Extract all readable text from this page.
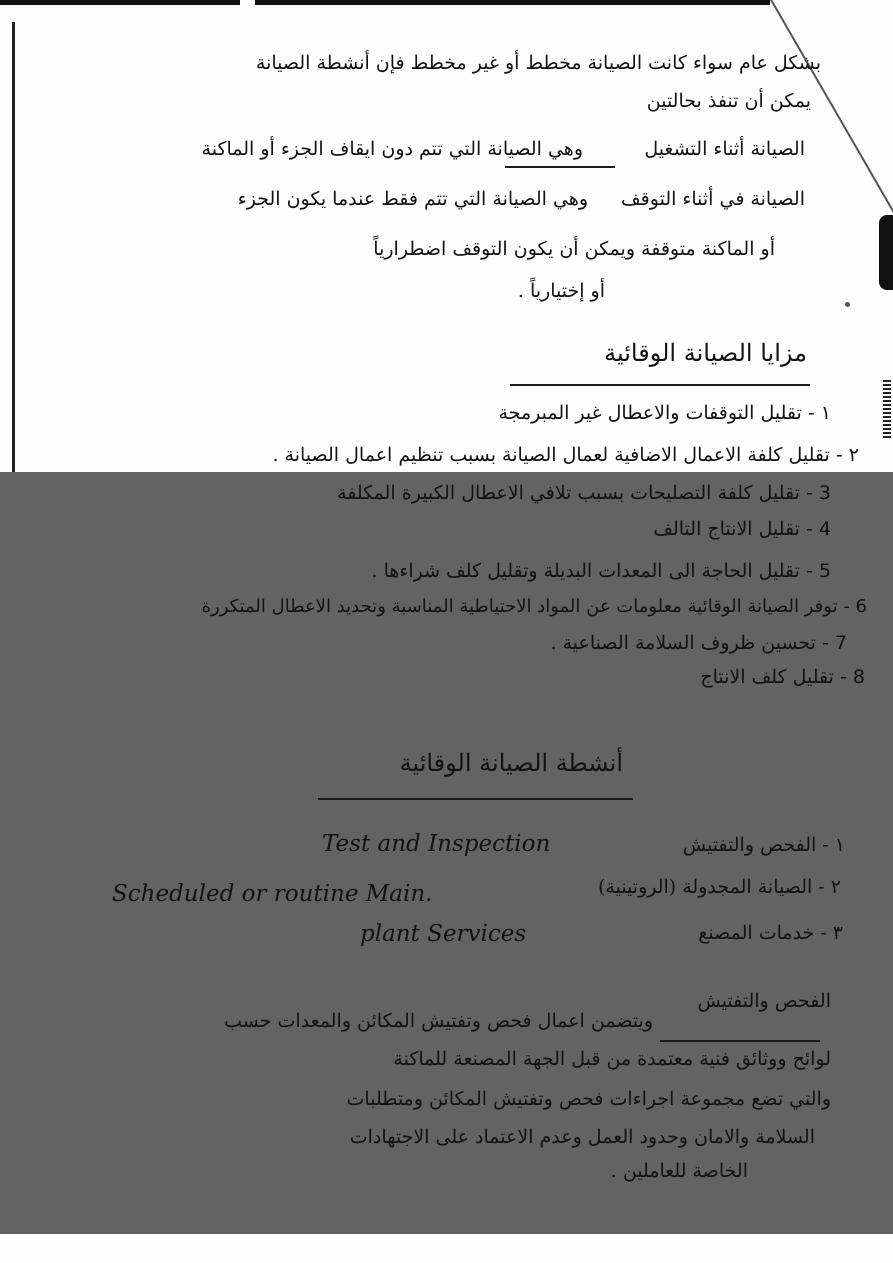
بشكل عام سواء كانت الصيانة مخطط أو غير مخطط فإن أنشطة الصيانة
يمكن أن تنفذ بحالتين
الصيانة أثناء التشغيل
وهي الصيانة التي تتم دون ايقاف الجزء أو الماكنة
الصيانة في أثناء التوقف
وهي الصيانة التي تتم فقط عندما يكون الجزء
أو الماكنة متوقفة ويمكن أن يكون التوقف اضطرارياً
أو إختيارياً .
مزايا الصيانة الوقائية
١ - تقليل التوقفات والاعطال غير المبرمجة
٢ - تقليل كلفة الاعمال الاضافية لعمال الصيانة بسبب تنظيم اعمال الصيانة .
3 - تقليل كلفة التصليحات بسبب تلافي الاعطال الكبيرة المكلفة
4 - تقليل الانتاج التالف
5 - تقليل الحاجة الى المعدات البديلة وتقليل كلف شراءها .
6 - توفر الصيانة الوقائية معلومات عن المواد الاحتياطية المناسبة وتحديد الاعطال المتكررة
7 - تحسين ظروف السلامة الصناعية .
8 - تقليل كلف الانتاج
أنشطة الصيانة الوقائية
١ - الفحص والتفتيش
Test and Inspection
٢ - الصيانة المجدولة (الروتينية)
Scheduled or routine Main.
٣ - خدمات المصنع
plant Services
الفحص والتفتيش
ويتضمن اعمال فحص وتفتيش المكائن والمعدات حسب
لوائح ووثائق فنية معتمدة من قبل الجهة المصنعة للماكنة
والتي تضع مجموعة اجراءات فحص وتفتيش المكائن ومتطلبات
السلامة والامان وحدود العمل وعدم الاعتماد على الاجتهادات
الخاصة للعاملين .
